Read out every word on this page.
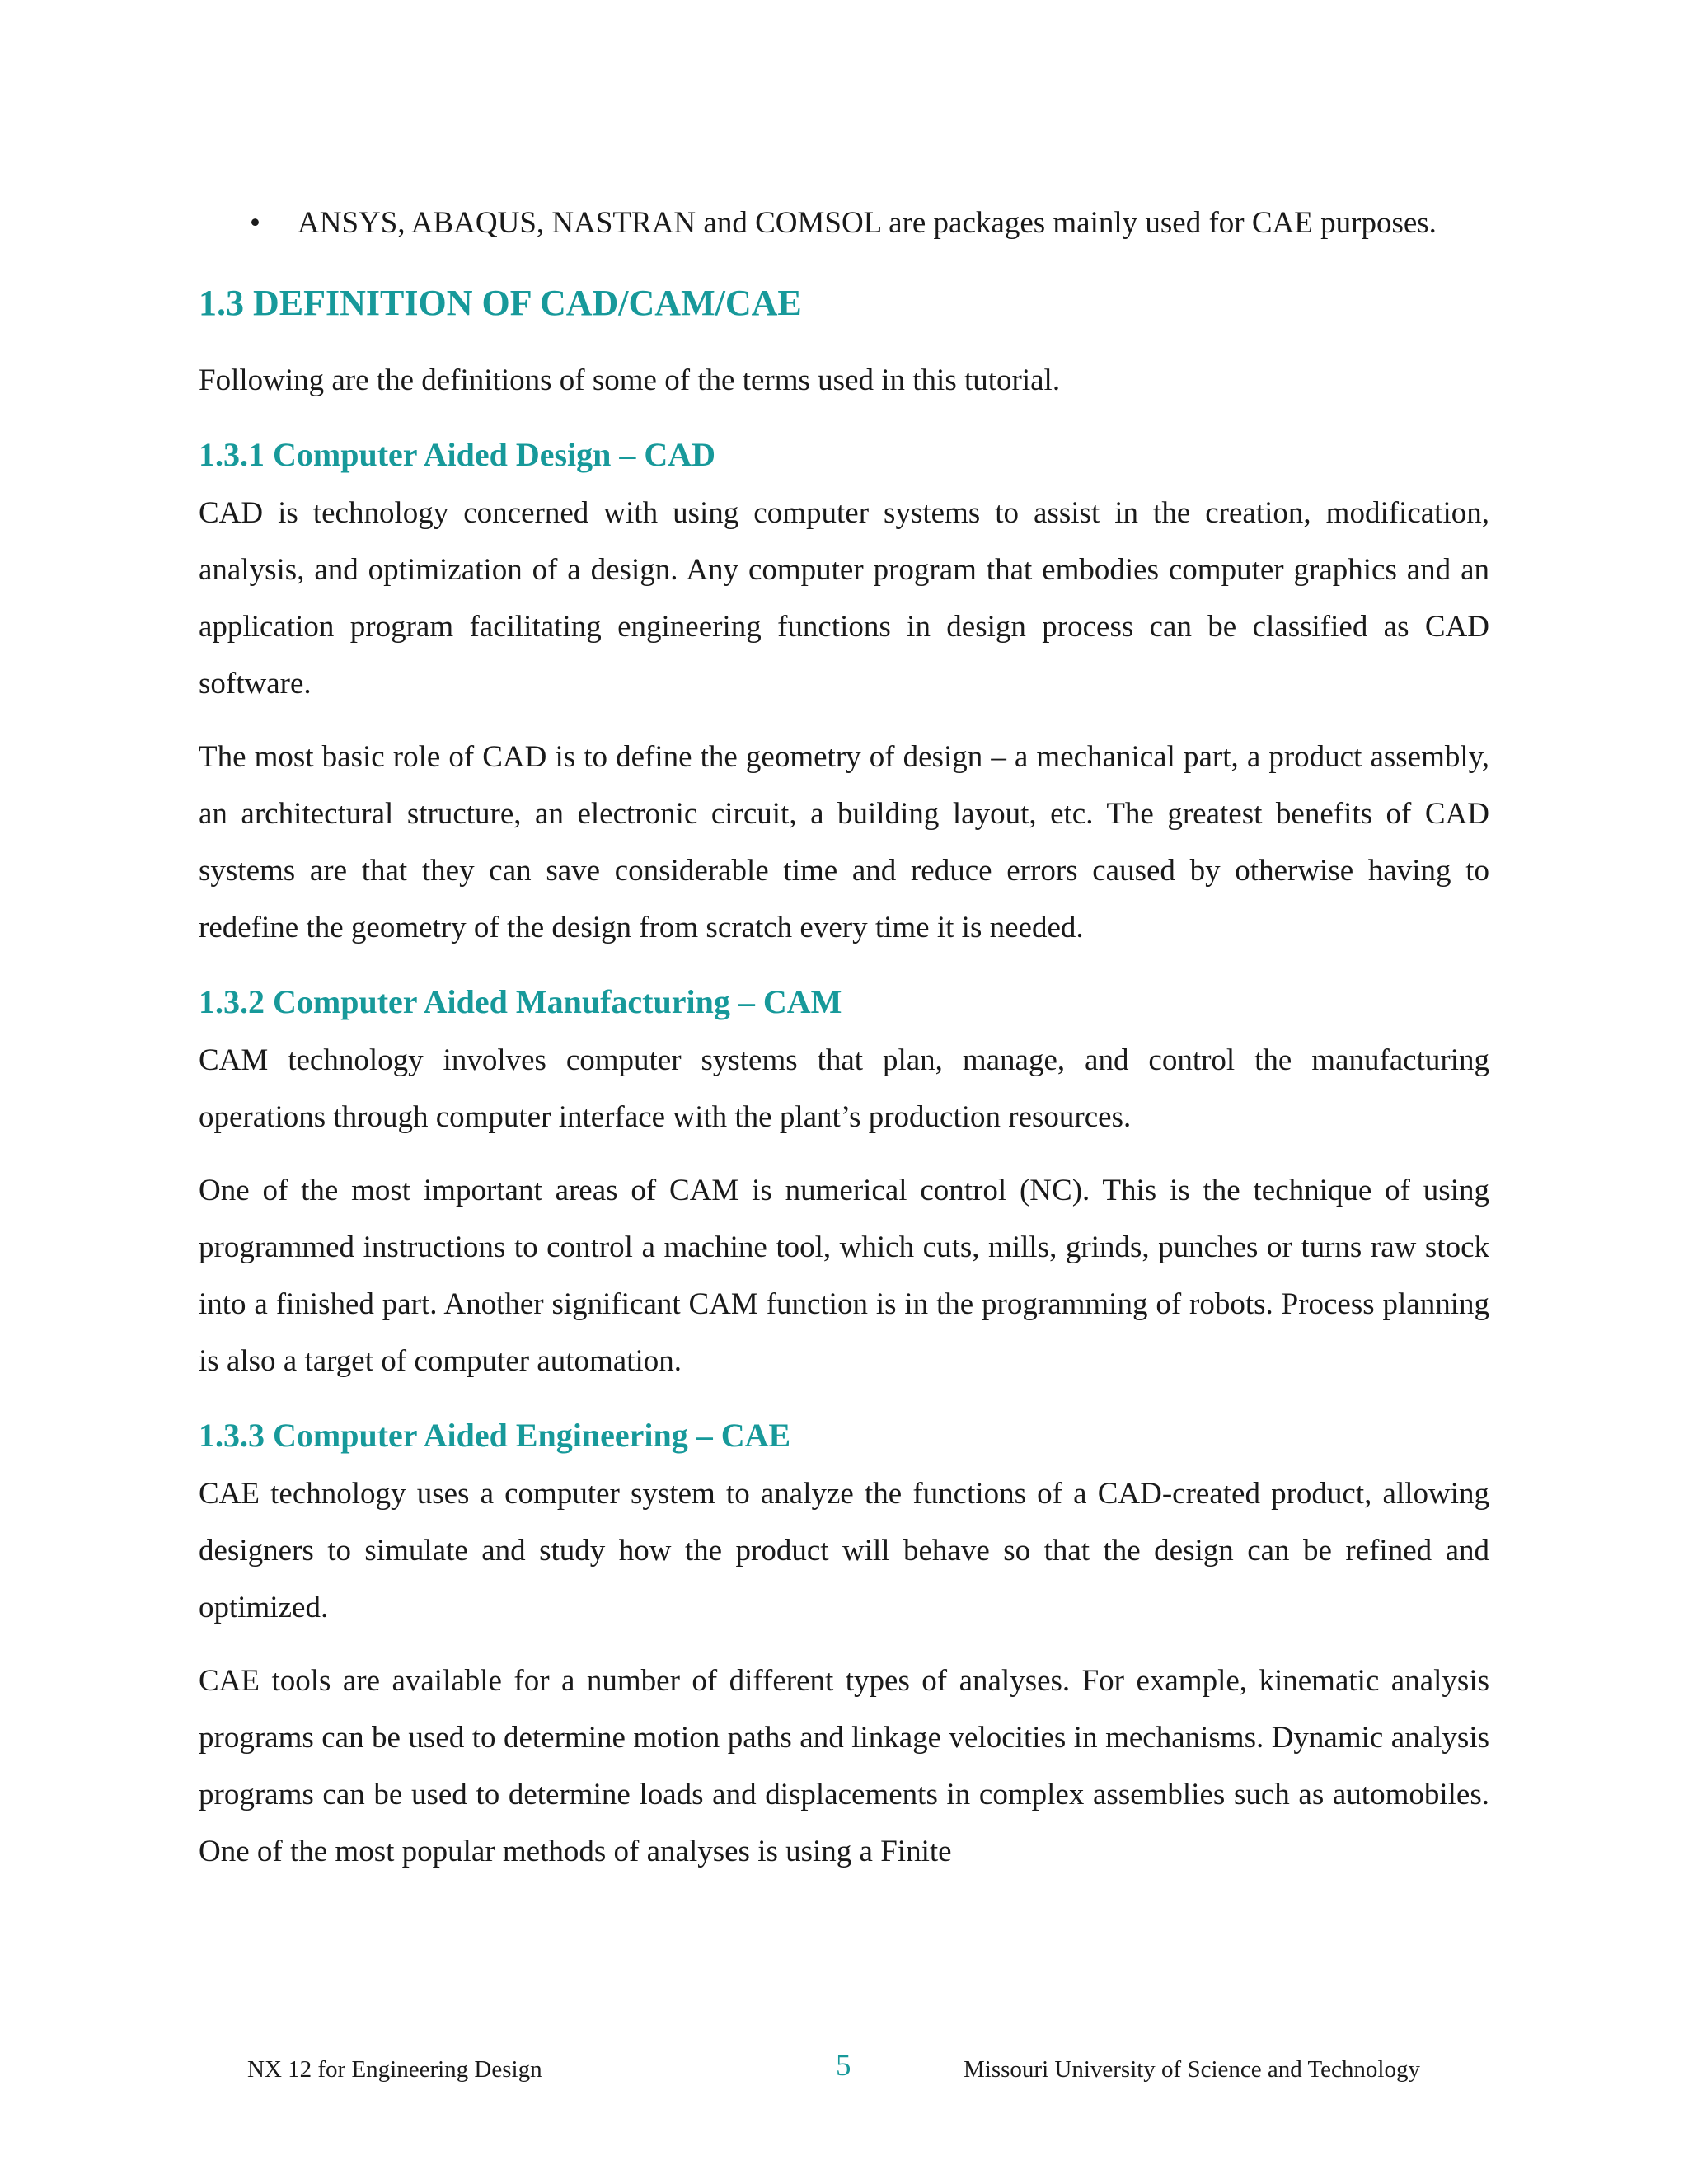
• ANSYS, ABAQUS, NASTRAN and COMSOL are packages mainly used for CAE purposes.
1.3 DEFINITION OF CAD/CAM/CAE

Following are the definitions of some of the terms used in this tutorial.

1.3.1 Computer Aided Design – CAD

CAD is technology concerned with using computer systems to assist in the creation, modification, analysis, and optimization of a design. Any computer program that embodies computer graphics and an application program facilitating engineering functions in design process can be classified as CAD software.

The most basic role of CAD is to define the geometry of design – a mechanical part, a product assembly, an architectural structure, an electronic circuit, a building layout, etc. The greatest benefits of CAD systems are that they can save considerable time and reduce errors caused by otherwise having to redefine the geometry of the design from scratch every time it is needed.

1.3.2 Computer Aided Manufacturing – CAM

CAM technology involves computer systems that plan, manage, and control the manufacturing operations through computer interface with the plant’s production resources.

One of the most important areas of CAM is numerical control (NC). This is the technique of using programmed instructions to control a machine tool, which cuts, mills, grinds, punches or turns raw stock into a finished part. Another significant CAM function is in the programming of robots. Process planning is also a target of computer automation.

1.3.3 Computer Aided Engineering – CAE

CAE technology uses a computer system to analyze the functions of a CAD-created product, allowing designers to simulate and study how the product will behave so that the design can be refined and optimized.

CAE tools are available for a number of different types of analyses. For example, kinematic analysis programs can be used to determine motion paths and linkage velocities in mechanisms. Dynamic analysis programs can be used to determine loads and displacements in complex assemblies such as automobiles. One of the most popular methods of analyses is using a Finite

NX 12 for Engineering Design	5	Missouri University of Science and Technology
